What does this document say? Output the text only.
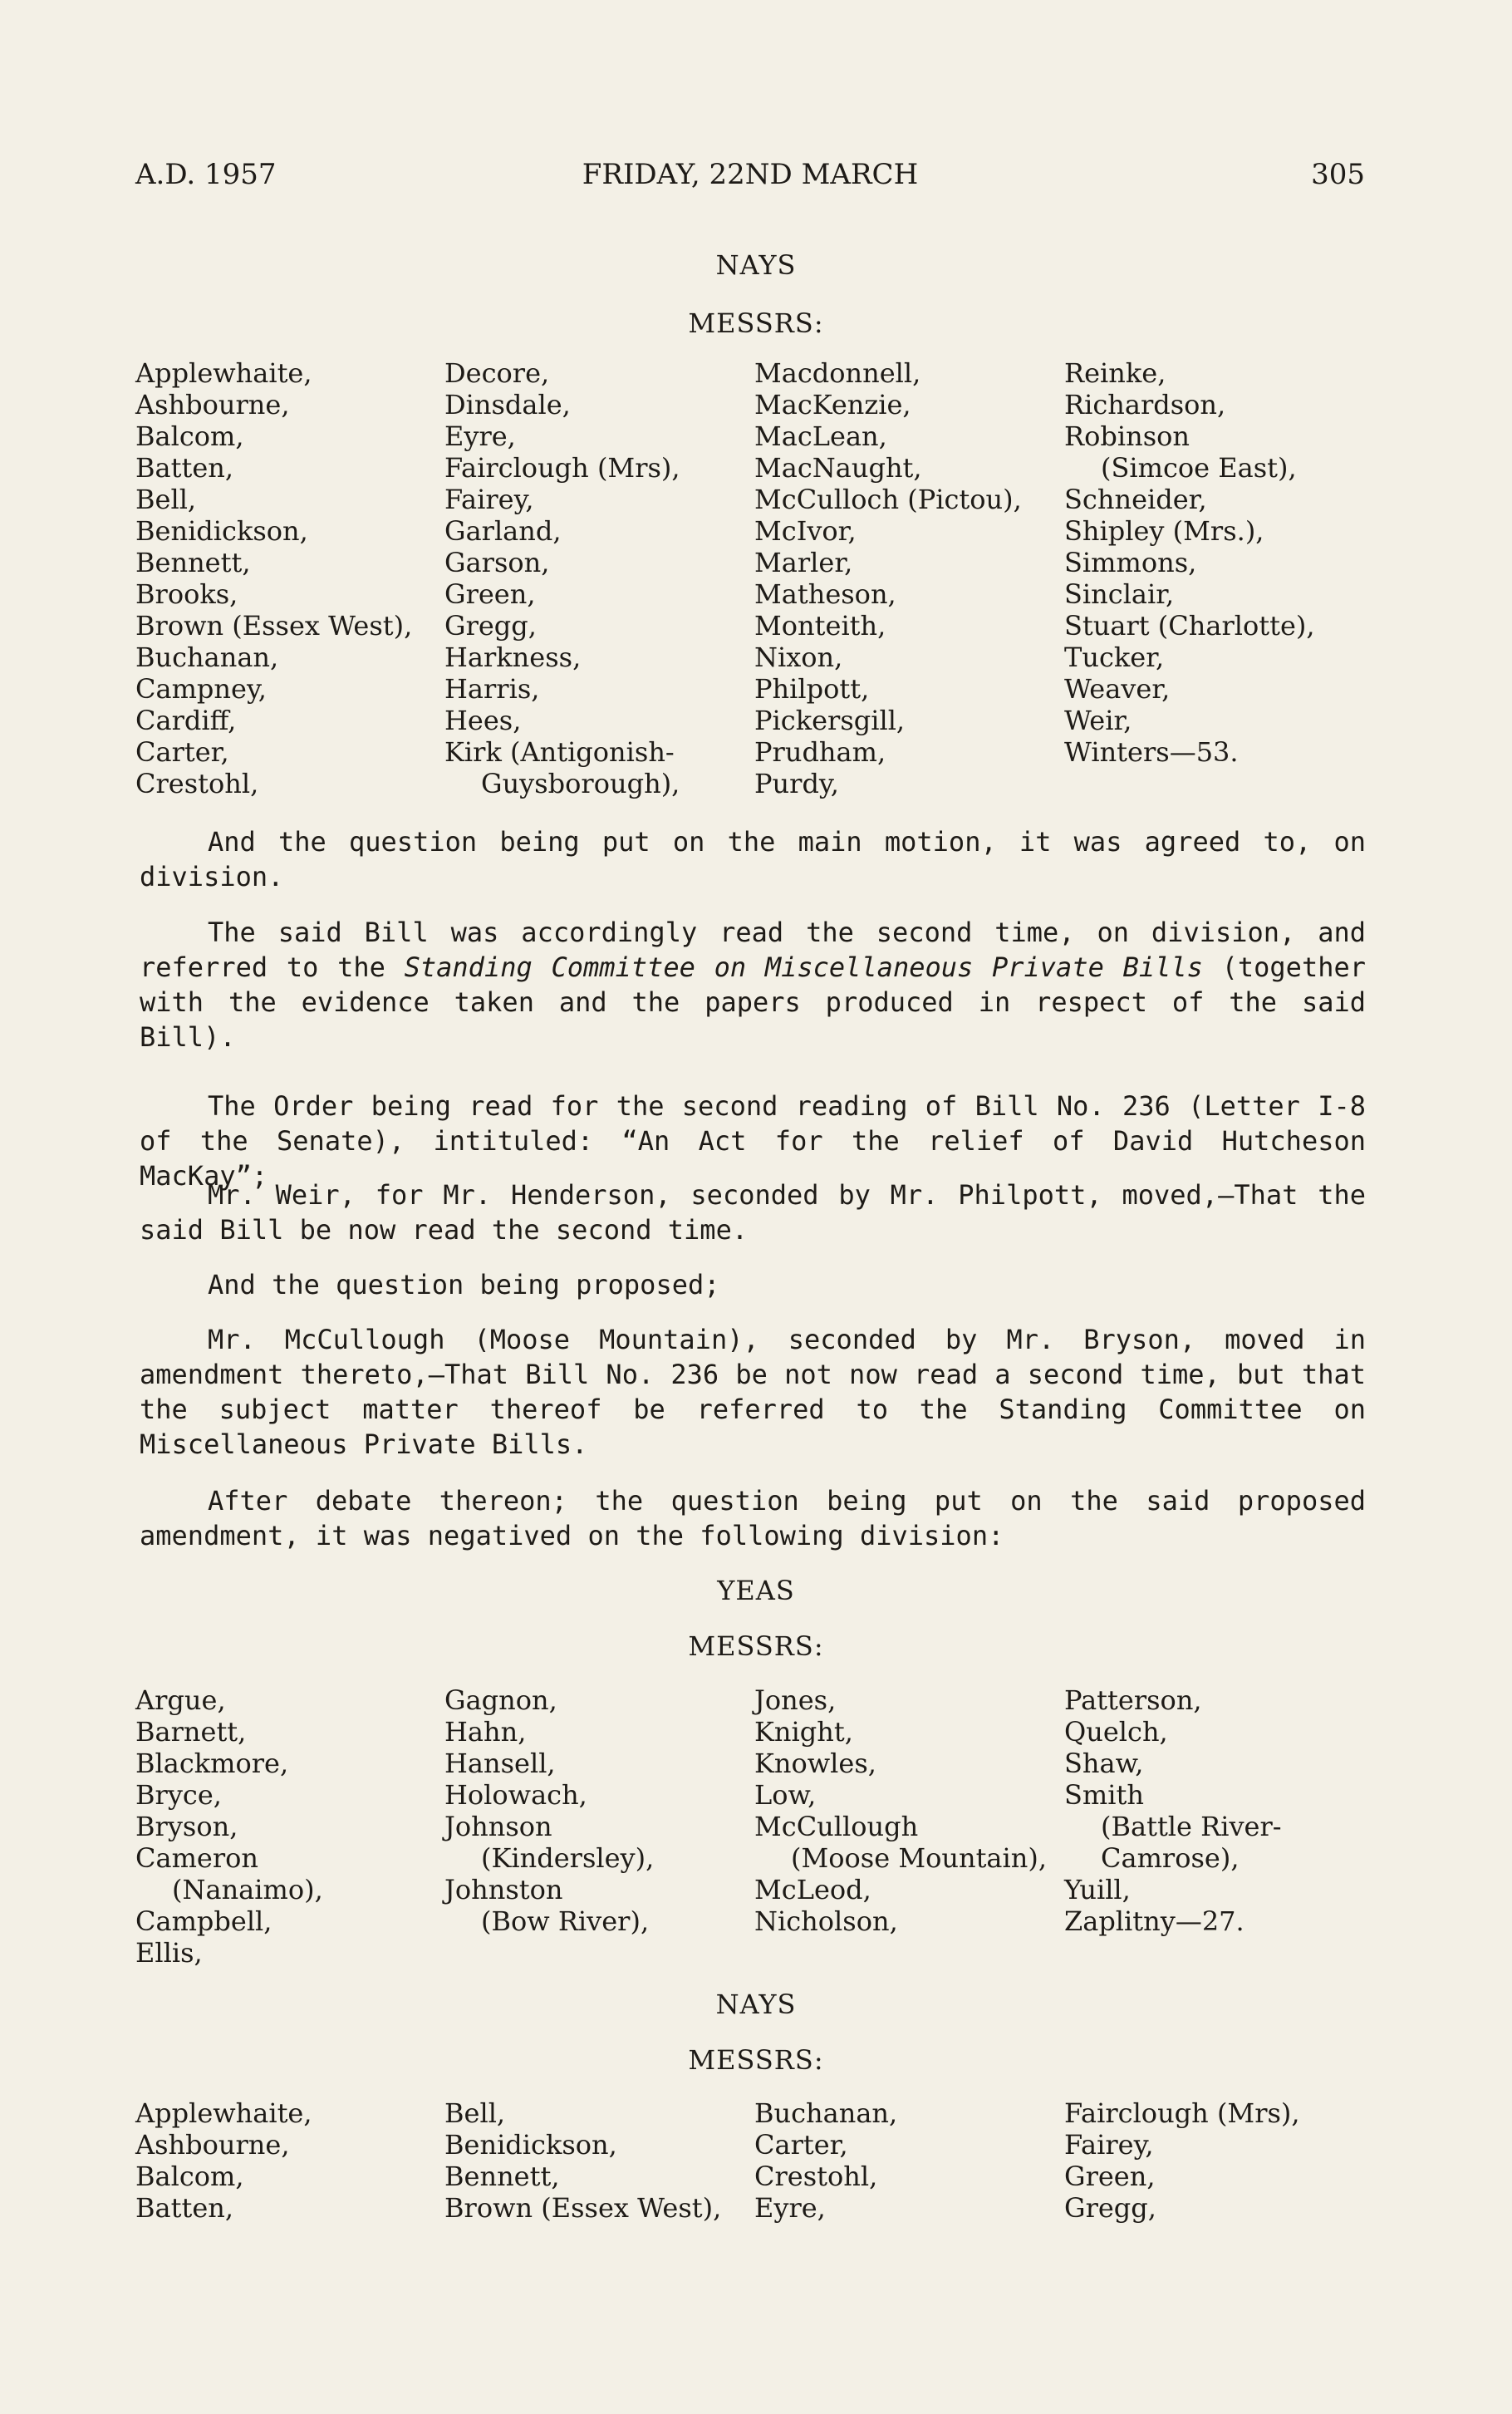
A.D. 1957	FRIDAY, 22ND MARCH	305
NAYS
MESSRS:
Applewhaite,
Ashbourne,
Balcom,
Batten,
Bell,
Benidickson,
Bennett,
Brooks,
Brown (Essex West),
Buchanan,
Campney,
Cardiff,
Carter,
Crestohl,
Decore,
Dinsdale,
Eyre,
Fairclough (Mrs),
Fairey,
Garland,
Garson,
Green,
Gregg,
Harkness,
Harris,
Hees,
Kirk (Antigonish-
Guysborough),
Macdonnell,
MacKenzie,
MacLean,
MacNaught,
McCulloch (Pictou),
McIvor,
Marler,
Matheson,
Monteith,
Nixon,
Philpott,
Pickersgill,
Prudham,
Purdy,
Reinke,
Richardson,
Robinson
(Simcoe East),
Schneider,
Shipley (Mrs.),
Simmons,
Sinclair,
Stuart (Charlotte),
Tucker,
Weaver,
Weir,
Winters—53.
And the question being put on the main motion, it was agreed to, on division.
The said Bill was accordingly read the second time, on division, and referred to the Standing Committee on Miscellaneous Private Bills (together with the evidence taken and the papers produced in respect of the said Bill).
The Order being read for the second reading of Bill No. 236 (Letter I-8 of the Senate), intituled: “An Act for the relief of David Hutcheson MacKay”;
Mr. Weir, for Mr. Henderson, seconded by Mr. Philpott, moved,—That the said Bill be now read the second time.
And the question being proposed;
Mr. McCullough (Moose Mountain), seconded by Mr. Bryson, moved in amendment thereto,—That Bill No. 236 be not now read a second time, but that the subject matter thereof be referred to the Standing Committee on Miscellaneous Private Bills.
After debate thereon; the question being put on the said proposed amendment, it was negatived on the following division:
YEAS
MESSRS:
Argue,
Barnett,
Blackmore,
Bryce,
Bryson,
Cameron
(Nanaimo),
Campbell,
Ellis,
Gagnon,
Hahn,
Hansell,
Holowach,
Johnson
(Kindersley),
Johnston
(Bow River),
Jones,
Knight,
Knowles,
Low,
McCullough
(Moose Mountain),
McLeod,
Nicholson,
Patterson,
Quelch,
Shaw,
Smith
(Battle River-
Camrose),
Yuill,
Zaplitny—27.
NAYS
MESSRS:
Applewhaite,
Ashbourne,
Balcom,
Batten,
Bell,
Benidickson,
Bennett,
Brown (Essex West),
Buchanan,
Carter,
Crestohl,
Eyre,
Fairclough (Mrs),
Fairey,
Green,
Gregg,
